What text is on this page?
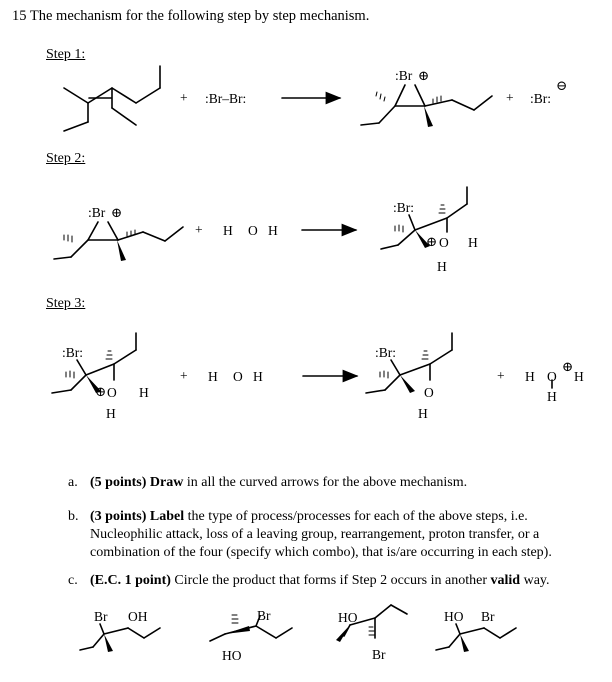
15 The mechanism for the following step by step mechanism.
Step 1:
Step 2:
Step 3:
+ :Br–Br:
:Br ⊕
+ :Br:
⊖
:Br ⊕
+ H O H
:Br:
⊕ O H
H
:Br:
⊕ O H
H
+ H O H
:Br:
O
H
+ H O
⊕
H
H
Br OH	Br
HO
HO
Br
HO Br
a. (5 points) Draw in all the curved arrows for the above mechanism.
b. (3 points) Label the type of process/processes for each of the above steps, i.e. Nucleophilic attack, loss of a leaving group, rearrangement, proton transfer, or a combination of the four (specify which combo), that is/are occurring in each step).
c. (E.C. 1 point) Circle the product that forms if Step 2 occurs in another valid way.
